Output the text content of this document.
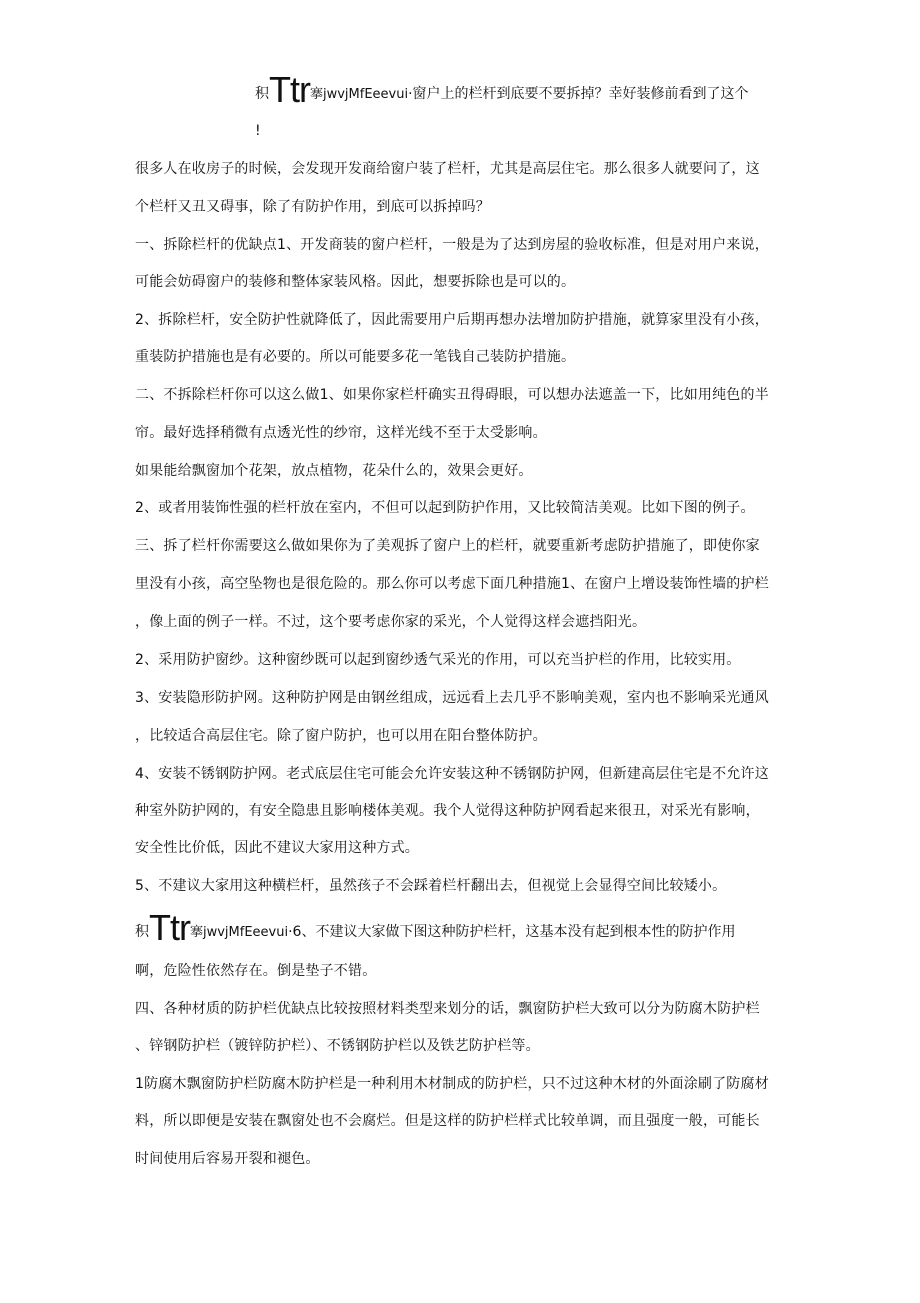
积Ttr搴jwvjMfEeevui·窗户上的栏杆到底要不要拆掉？幸好装修前看到了这个
!
很多人在收房子的时候，会发现开发商给窗户装了栏杆，尤其是高层住宅。那么很多人就要问了，这
个栏杆又丑又碍事，除了有防护作用，到底可以拆掉吗？
一、拆除栏杆的优缺点1、开发商装的窗户栏杆，一般是为了达到房屋的验收标准，但是对用户来说，
可能会妨碍窗户的装修和整体家装风格。因此，想要拆除也是可以的。
2、拆除栏杆，安全防护性就降低了，因此需要用户后期再想办法增加防护措施，就算家里没有小孩，
重装防护措施也是有必要的。所以可能要多花一笔钱自己装防护措施。
二、不拆除栏杆你可以这么做1、如果你家栏杆确实丑得碍眼，可以想办法遮盖一下，比如用纯色的半
帘。最好选择稍微有点透光性的纱帘，这样光线不至于太受影响。
如果能给飘窗加个花架，放点植物，花朵什么的，效果会更好。
2、或者用装饰性强的栏杆放在室内，不但可以起到防护作用，又比较简洁美观。比如下图的例子。
三、拆了栏杆你需要这么做如果你为了美观拆了窗户上的栏杆，就要重新考虑防护措施了，即使你家
里没有小孩，高空坠物也是很危险的。那么你可以考虑下面几种措施1、在窗户上增设装饰性墙的护栏
，像上面的例子一样。不过，这个要考虑你家的采光，个人觉得这样会遮挡阳光。
2、采用防护窗纱。这种窗纱既可以起到窗纱透气采光的作用，可以充当护栏的作用，比较实用。
3、安装隐形防护网。这种防护网是由钢丝组成，远远看上去几乎不影响美观，室内也不影响采光通风
，比较适合高层住宅。除了窗户防护，也可以用在阳台整体防护。
4、安装不锈钢防护网。老式底层住宅可能会允许安装这种不锈钢防护网，但新建高层住宅是不允许这
种室外防护网的，有安全隐患且影响楼体美观。我个人觉得这种防护网看起来很丑，对采光有影响，
安全性比价低，因此不建议大家用这种方式。
5、不建议大家用这种横栏杆，虽然孩子不会踩着栏杆翻出去，但视觉上会显得空间比较矮小。
积Ttr搴jwvjMfEeevui·6、不建议大家做下图这种防护栏杆，这基本没有起到根本性的防护作用
啊，危险性依然存在。倒是垫子不错。
四、各种材质的防护栏优缺点比较按照材料类型来划分的话，飘窗防护栏大致可以分为防腐木防护栏
、锌钢防护栏（镀锌防护栏）、不锈钢防护栏以及铁艺防护栏等。
1防腐木飘窗防护栏防腐木防护栏是一种利用木材制成的防护栏，只不过这种木材的外面涂刷了防腐材
料，所以即便是安装在飘窗处也不会腐烂。但是这样的防护栏样式比较单调，而且强度一般，可能长
时间使用后容易开裂和褪色。
